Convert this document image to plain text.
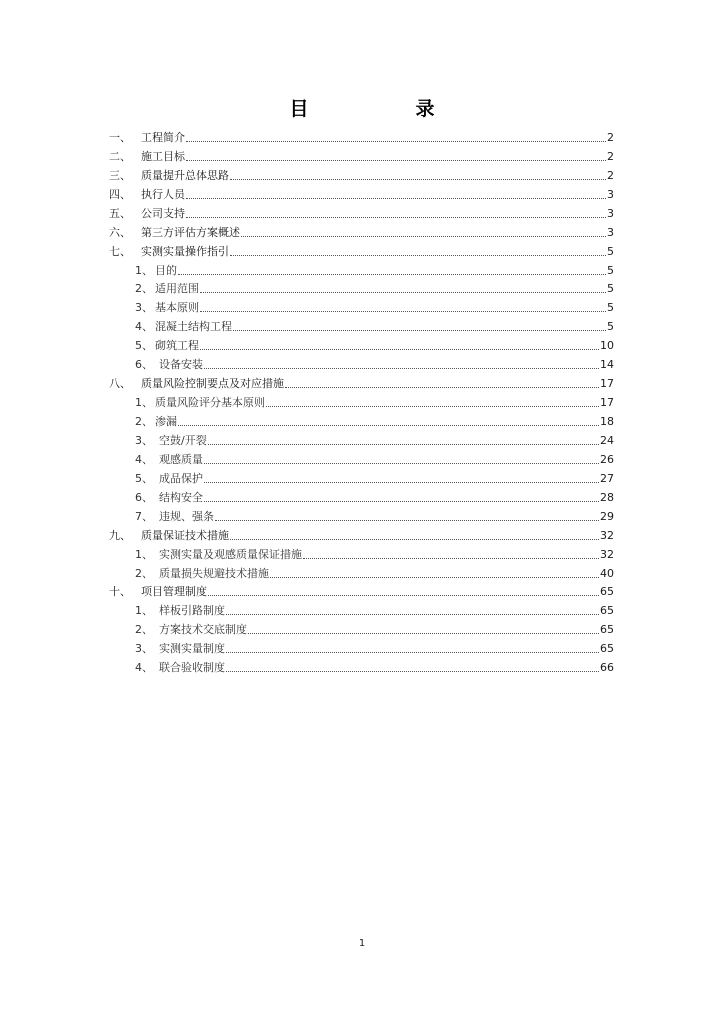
目　录
一、 工程简介	2
二、 施工目标	2
三、 质量提升总体思路	2
四、 执行人员	3
五、 公司支持	3
六、 第三方评估方案概述	3
七、 实测实量操作指引	5
1、 目的	5
2、 适用范围	5
3、 基本原则	5
4、 混凝土结构工程	5
5、 砌筑工程	10
6、 设备安装	14
八、 质量风险控制要点及对应措施	17
1、 质量风险评分基本原则	17
2、 渗漏	18
3、 空鼓/开裂	24
4、 观感质量	26
5、 成品保护	27
6、 结构安全	28
7、 违规、强条	29
九、 质量保证技术措施	32
1、 实测实量及观感质量保证措施	32
2、 质量损失规避技术措施	40
十、 项目管理制度	65
1、 样板引路制度	65
2、 方案技术交底制度	65
3、 实测实量制度	65
4、 联合验收制度	66
1
